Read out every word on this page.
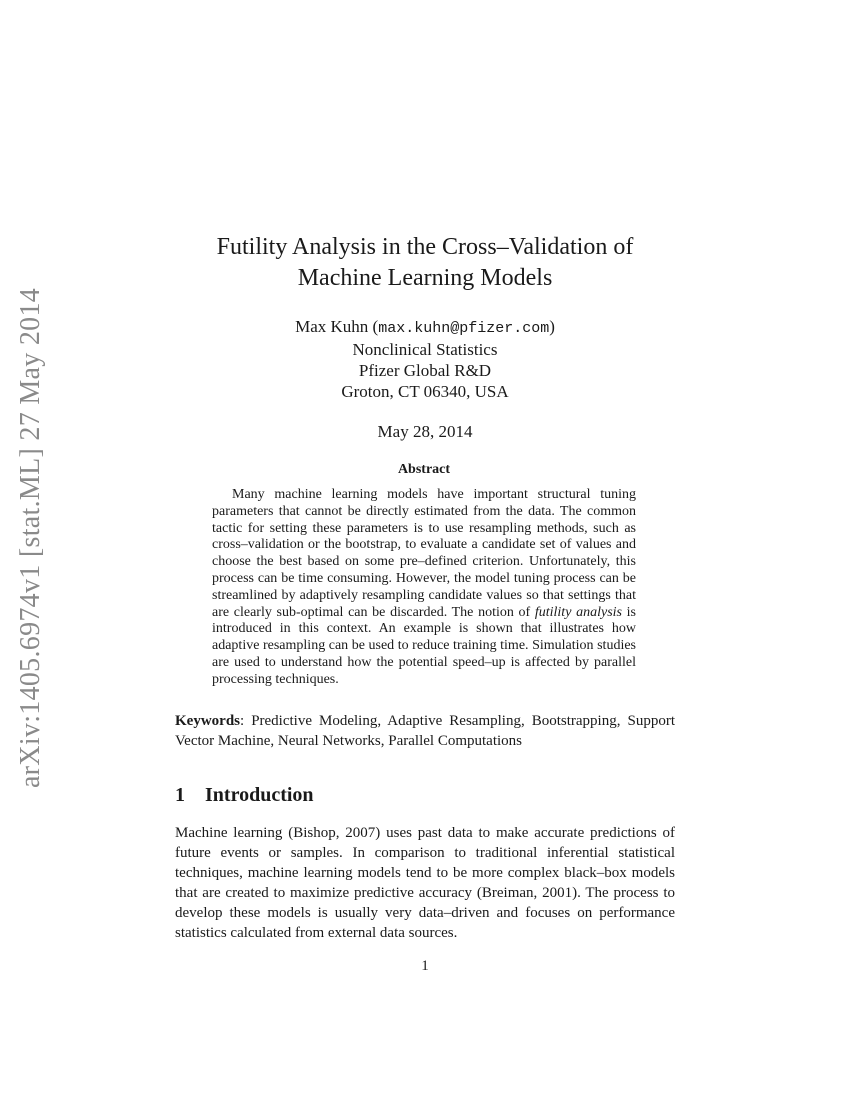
arXiv:1405.6974v1 [stat.ML] 27 May 2014
Futility Analysis in the Cross–Validation of
Machine Learning Models
Max Kuhn (max.kuhn@pfizer.com)
Nonclinical Statistics
Pfizer Global R&D
Groton, CT 06340, USA
May 28, 2014
Abstract

Many machine learning models have important structural tuning parameters that cannot be directly estimated from the data. The common tactic for setting these parameters is to use resampling methods, such as cross–validation or the bootstrap, to evaluate a candidate set of values and choose the best based on some pre–defined criterion. Unfortunately, this process can be time consuming. However, the model tuning process can be streamlined by adaptively resampling candidate values so that settings that are clearly sub-optimal can be discarded. The notion of futility analysis is introduced in this context. An example is shown that illustrates how adaptive resampling can be used to reduce training time. Simulation studies are used to understand how the potential speed–up is affected by parallel processing techniques.

Keywords: Predictive Modeling, Adaptive Resampling, Bootstrapping, Support Vector Machine, Neural Networks, Parallel Computations

1 Introduction

Machine learning (Bishop, 2007) uses past data to make accurate predictions of future events or samples. In comparison to traditional inferential statistical techniques, machine learning models tend to be more complex black–box models that are created to maximize predictive accuracy (Breiman, 2001). The process to develop these models is usually very data–driven and focuses on performance statistics calculated from external data sources.

1
